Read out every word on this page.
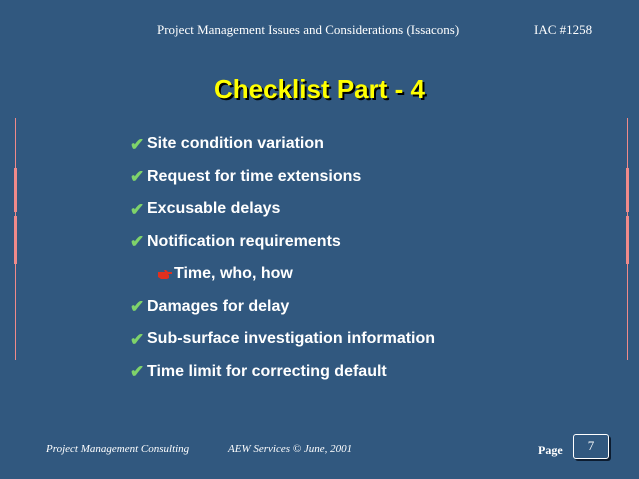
Project Management Issues and Considerations (Issacons)	IAC #1258
Checklist Part - 4
✔ Site condition variation
✔ Request for time extensions
✔ Excusable delays
✔ Notification requirements
Time, who, how
✔ Damages for delay
✔ Sub-surface investigation information
✔ Time limit for correcting default
Project Management Consulting	AEW Services © June, 2001	Page	7
